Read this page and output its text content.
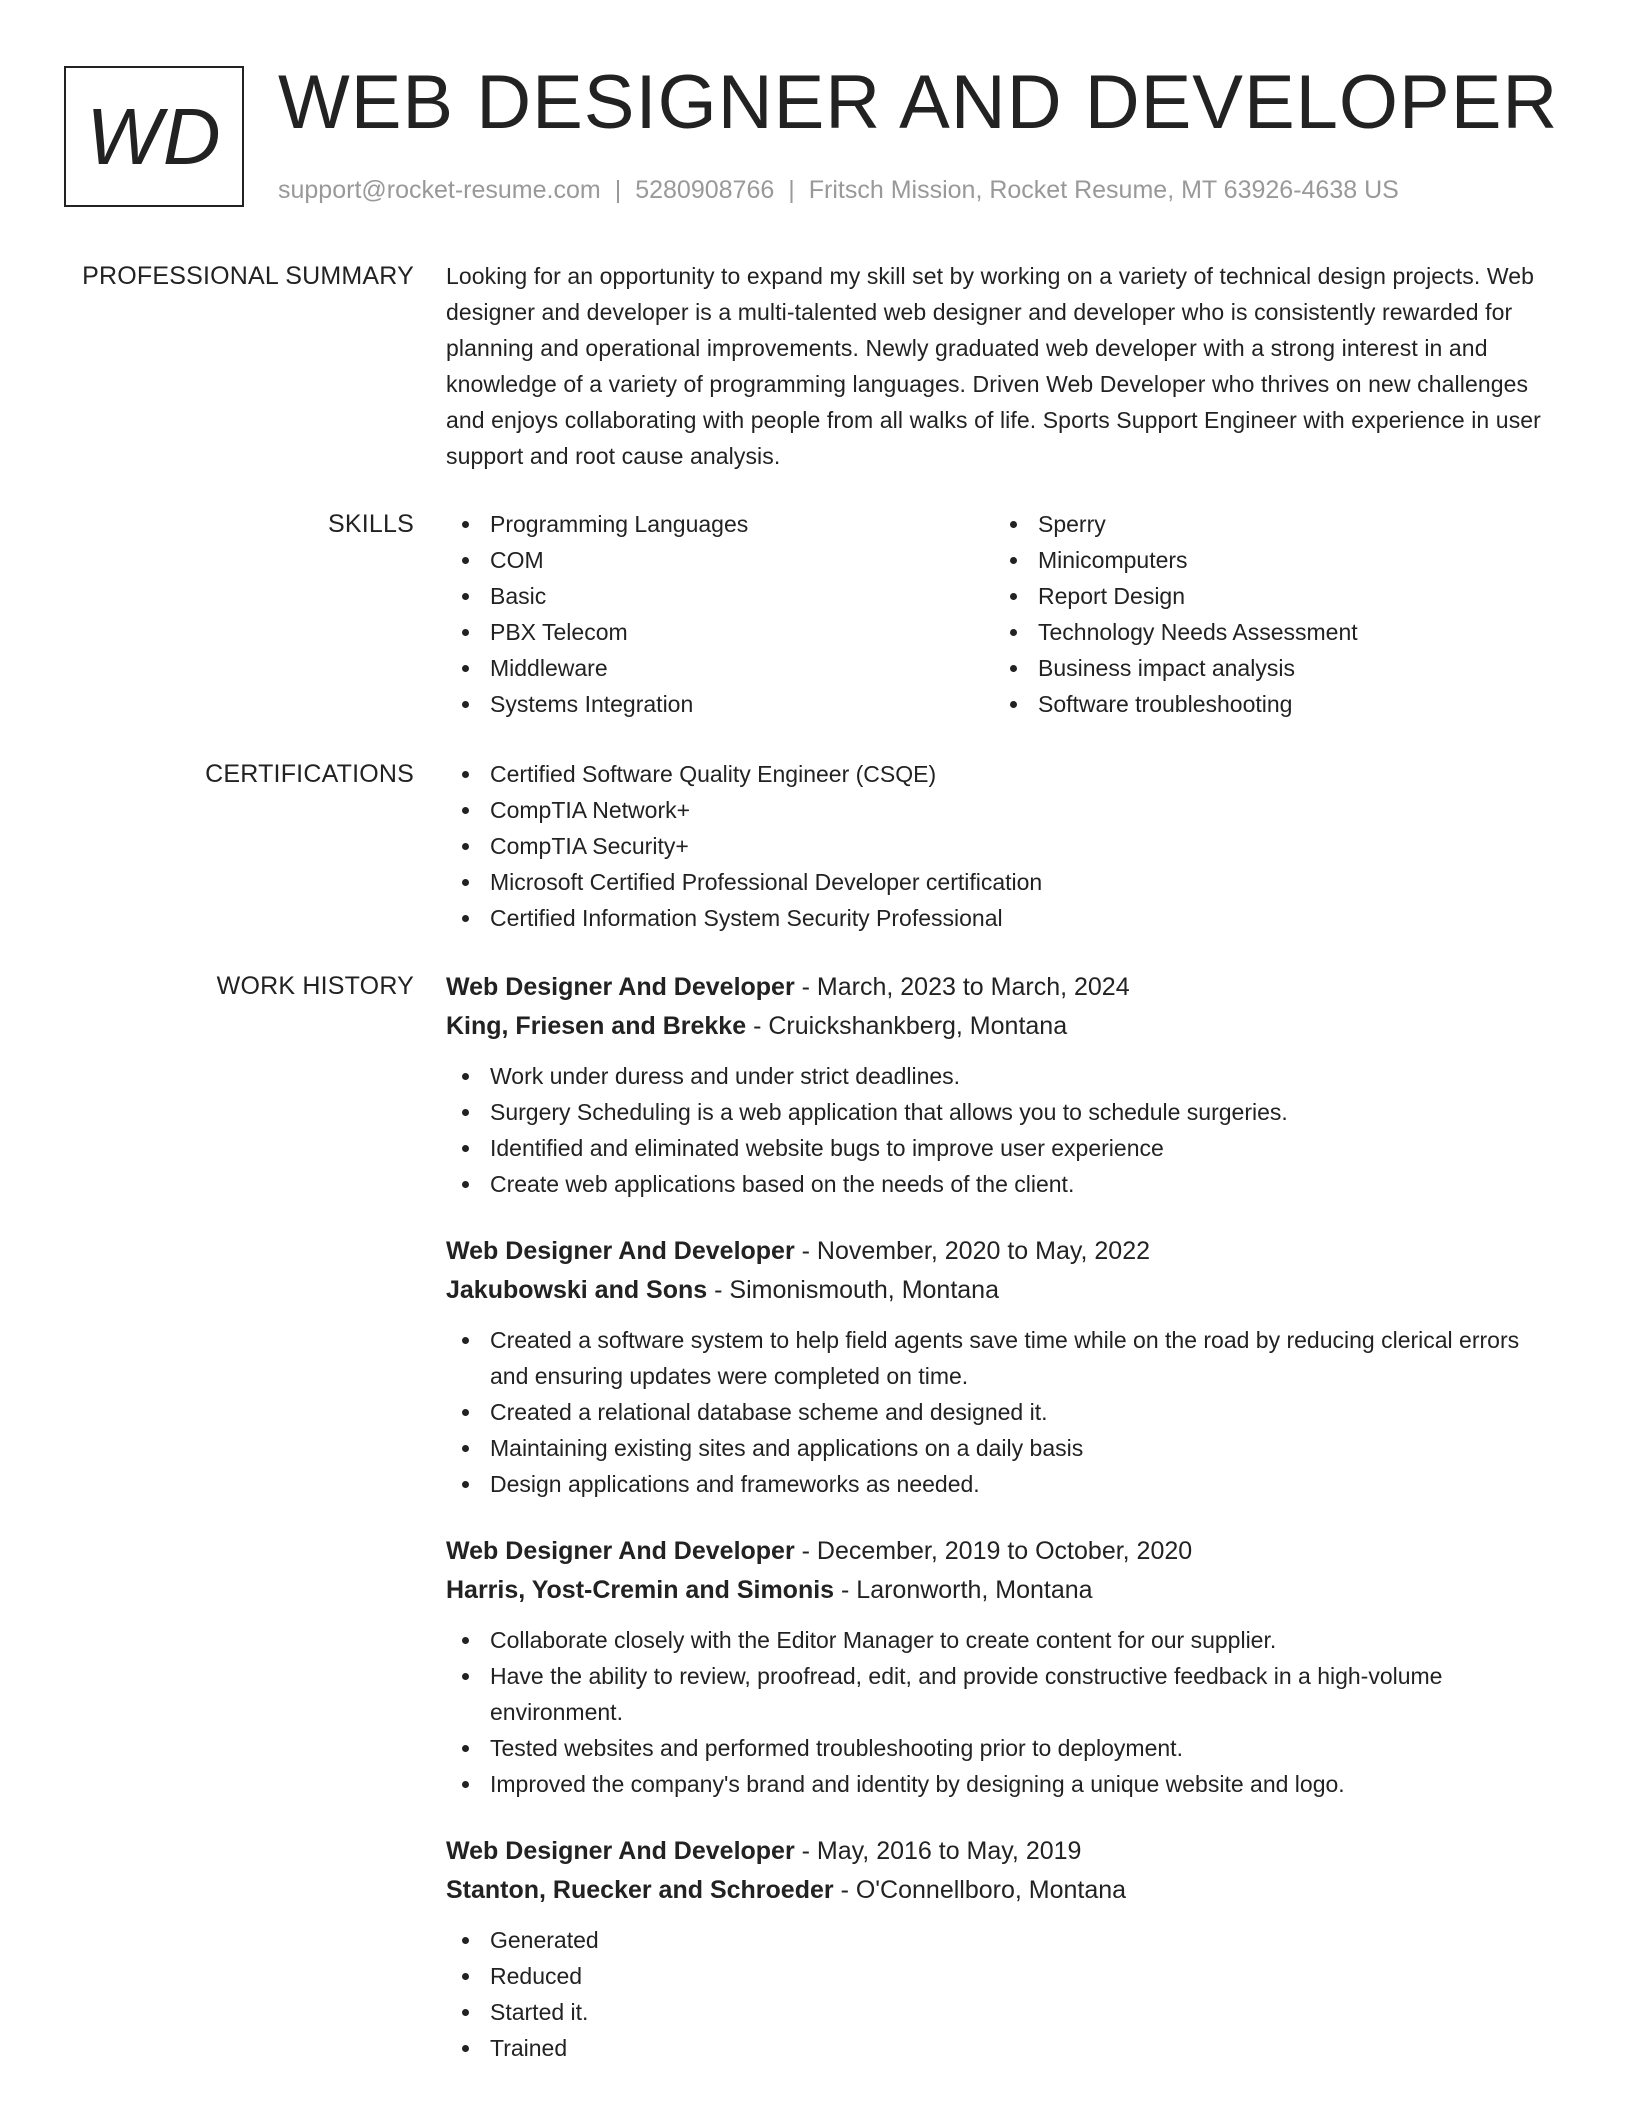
WD WEB DESIGNER AND DEVELOPER
support@rocket-resume.com | 5280908766 | Fritsch Mission, Rocket Resume, MT 63926-4638 US
PROFESSIONAL SUMMARY Looking for an opportunity to expand my skill set by working on a variety of technical design projects. Web designer and developer is a multi-talented web designer and developer who is consistently rewarded for planning and operational improvements. Newly graduated web developer with a strong interest in and knowledge of a variety of programming languages. Driven Web Developer who thrives on new challenges and enjoys collaborating with people from all walks of life. Sports Support Engineer with experience in user support and root cause analysis.

SKILLS	Programming Languages
COM
Basic
PBX Telecom
Middleware
Systems Integration
Sperry
Minicomputers
Report Design
Technology Needs Assessment
Business impact analysis
Software troubleshooting
CERTIFICATIONS	Certified Software Quality Engineer (CSQE)
CompTIA Network+
CompTIA Security+
Microsoft Certified Professional Developer certification
Certified Information System Security Professional
WORK HISTORY Web Designer And Developer - March, 2023 to March, 2024
King, Friesen and Brekke - Cruickshankberg, Montana
Work under duress and under strict deadlines.
Surgery Scheduling is a web application that allows you to schedule surgeries.
Identified and eliminated website bugs to improve user experience
Create web applications based on the needs of the client.
Web Designer And Developer - November, 2020 to May, 2022
Jakubowski and Sons - Simonismouth, Montana
Created a software system to help field agents save time while on the road by reducing clerical errors and ensuring updates were completed on time.
Created a relational database scheme and designed it.
Maintaining existing sites and applications on a daily basis
Design applications and frameworks as needed.
Web Designer And Developer - December, 2019 to October, 2020
Harris, Yost-Cremin and Simonis - Laronworth, Montana
Collaborate closely with the Editor Manager to create content for our supplier.
Have the ability to review, proofread, edit, and provide constructive feedback in a high-volume environment.
Tested websites and performed troubleshooting prior to deployment.
Improved the company's brand and identity by designing a unique website and logo.
Web Designer And Developer - May, 2016 to May, 2019
Stanton, Ruecker and Schroeder - O'Connellboro, Montana
Generated
Reduced
Started it.
Trained
